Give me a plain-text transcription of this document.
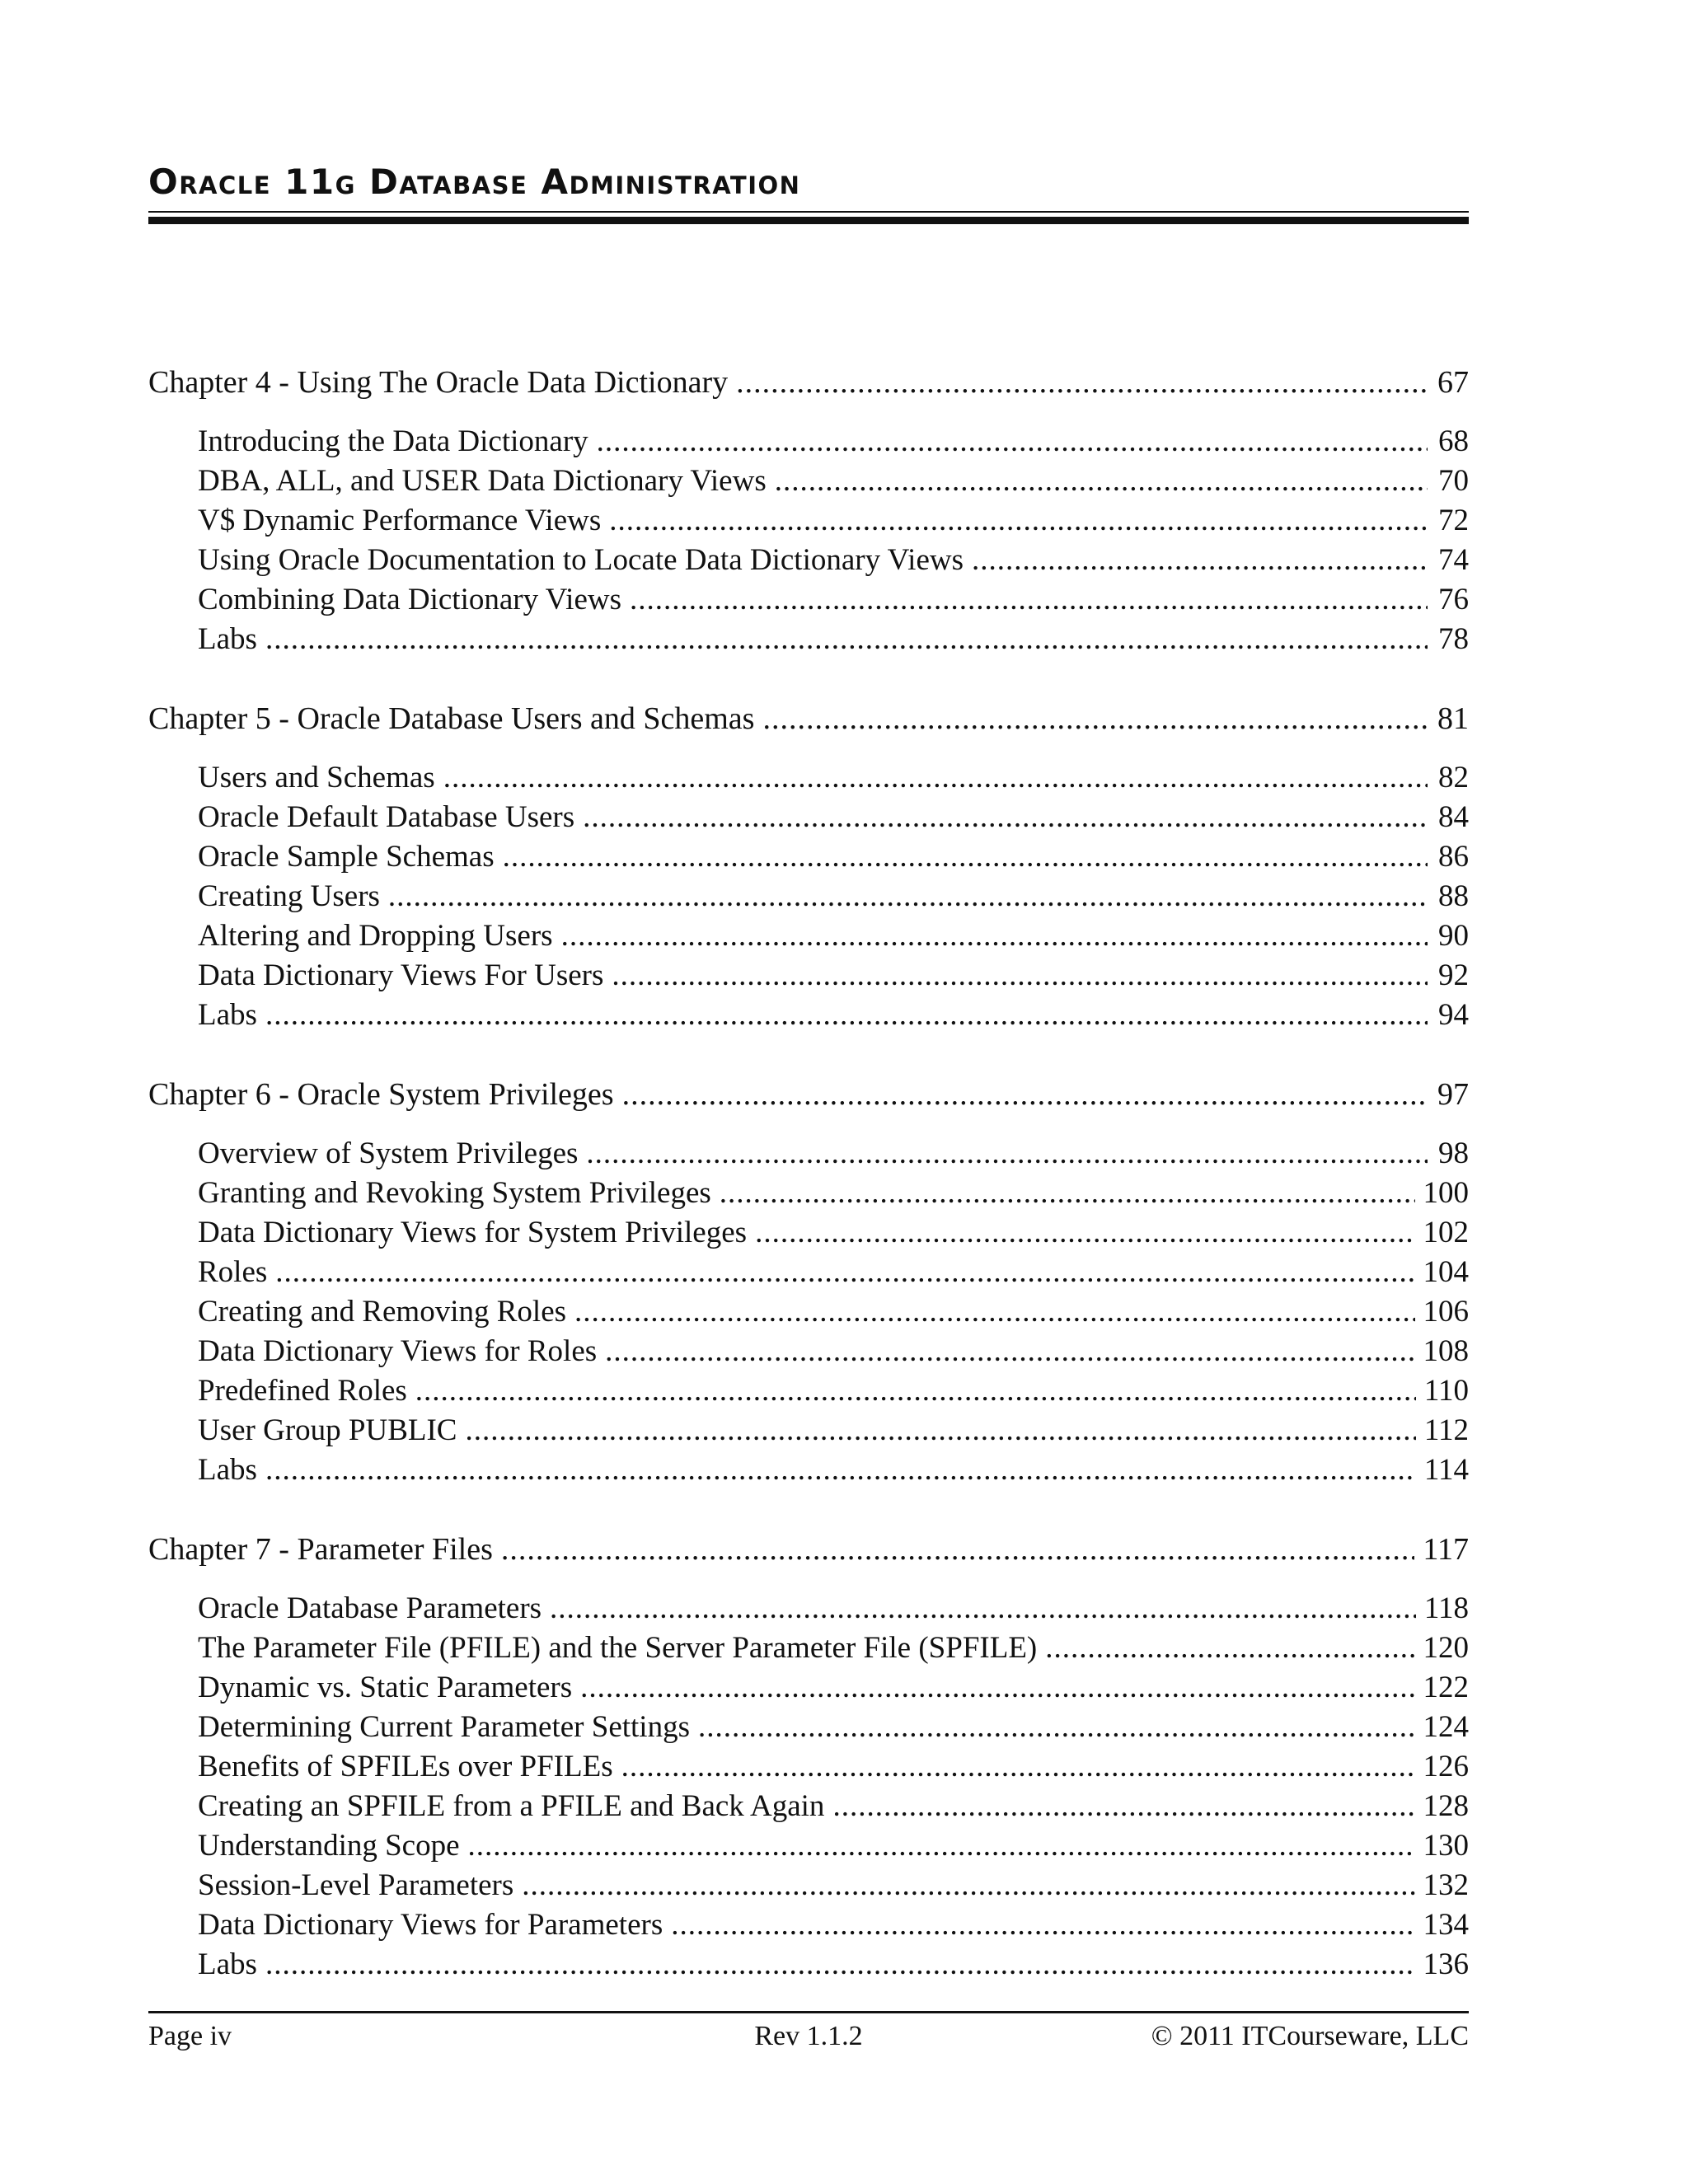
Oracle 11g Database Administration
Chapter 4 - Using The Oracle Data Dictionary .....	67
Introducing the Data Dictionary .....	68
DBA, ALL, and USER Data Dictionary Views .....	70
V$ Dynamic Performance Views .....	72
Using Oracle Documentation to Locate Data Dictionary Views .....	74
Combining Data Dictionary Views .....	76
Labs .....	78
Chapter 5 - Oracle Database Users and Schemas .....	81
Users and Schemas .....	82
Oracle Default Database Users .....	84
Oracle Sample Schemas .....	86
Creating Users .....	88
Altering and Dropping Users .....	90
Data Dictionary Views For Users .....	92
Labs .....	94
Chapter 6 - Oracle System Privileges .....	97
Overview of System Privileges .....	98
Granting and Revoking System Privileges .....	100
Data Dictionary Views for System Privileges .....	102
Roles .....	104
Creating and Removing Roles .....	106
Data Dictionary Views for Roles .....	108
Predefined Roles .....	110
User Group PUBLIC .....	112
Labs .....	114
Chapter 7 - Parameter Files .....	117
Oracle Database Parameters .....	118
The Parameter File (PFILE) and the Server Parameter File (SPFILE) .....	120
Dynamic vs. Static Parameters .....	122
Determining Current Parameter Settings .....	124
Benefits of SPFILEs over PFILEs .....	126
Creating an SPFILE from a PFILE and Back Again .....	128
Understanding Scope .....	130
Session-Level Parameters .....	132
Data Dictionary Views for Parameters .....	134
Labs .....	136
Page iv	Rev 1.1.2	© 2011 ITCourseware, LLC
